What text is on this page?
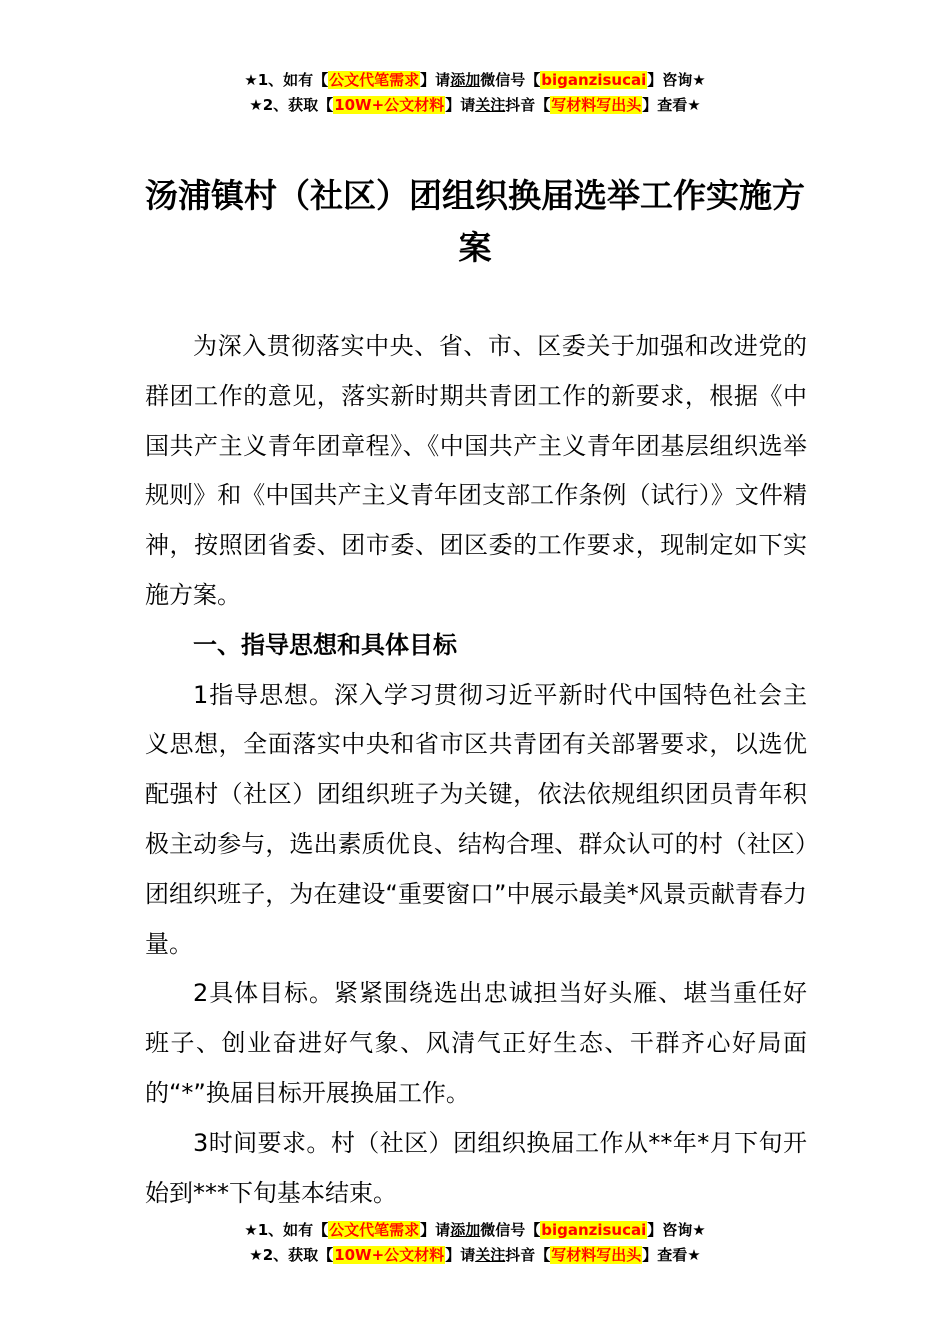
★1、如有【公文代笔需求】请添加微信号【biganzisucai】咨询★
★2、获取【10W+公文材料】请关注抖音【写材料写出头】查看★
汤浦镇村（社区）团组织换届选举工作实施方案

为深入贯彻落实中央、省、市、区委关于加强和改进党的群团工作的意见，落实新时期共青团工作的新要求，根据《中国共产主义青年团章程》、《中国共产主义青年团基层组织选举规则》和《中国共产主义青年团支部工作条例（试行）》文件精神，按照团省委、团市委、团区委的工作要求，现制定如下实施方案。

一、指导思想和具体目标

1指导思想。深入学习贯彻习近平新时代中国特色社会主义思想，全面落实中央和省市区共青团有关部署要求，以选优配强村（社区）团组织班子为关键，依法依规组织团员青年积极主动参与，选出素质优良、结构合理、群众认可的村（社区）团组织班子，为在建设“重要窗口”中展示最美*风景贡献青春力量。

2具体目标。紧紧围绕选出忠诚担当好头雁、堪当重任好班子、创业奋进好气象、风清气正好生态、干群齐心好局面的“*”换届目标开展换届工作。

3时间要求。村（社区）团组织换届工作从**年*月下旬开始到***下旬基本结束。

★1、如有【公文代笔需求】请添加微信号【biganzisucai】咨询★
★2、获取【10W+公文材料】请关注抖音【写材料写出头】查看★
